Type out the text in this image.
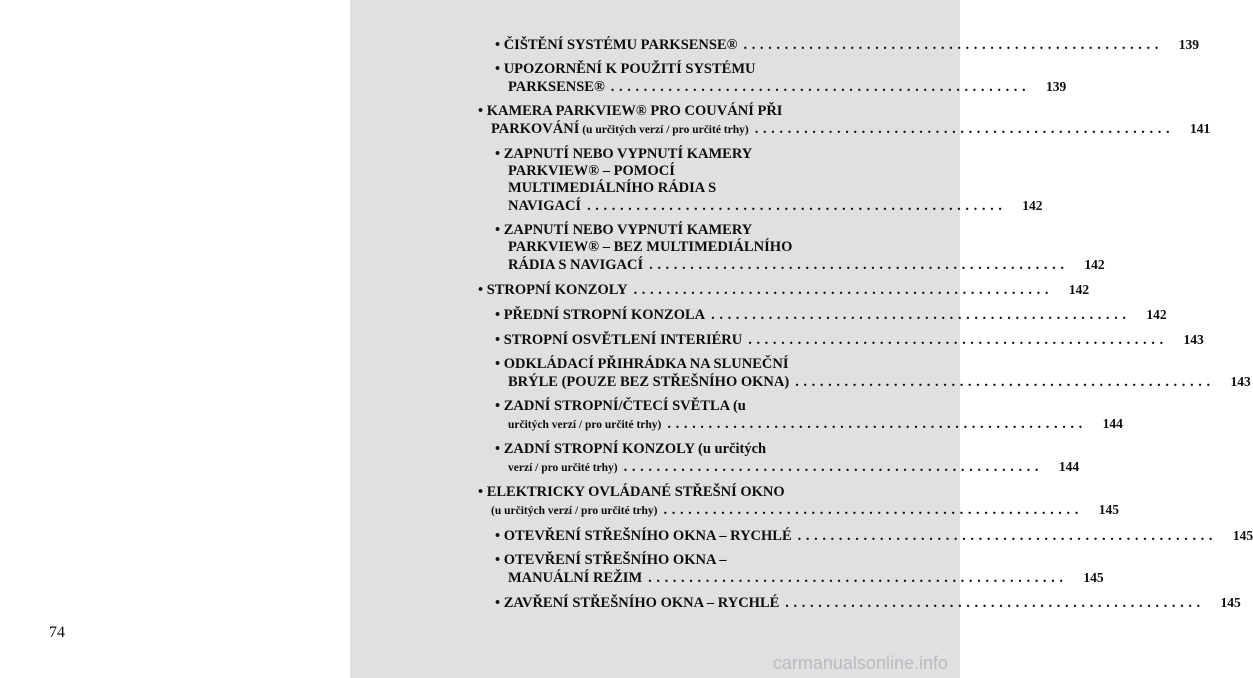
74
• ČIŠTĚNÍ SYSTÉMU PARKSENSE® ...................................................	139
• UPOZORNĚNÍ K POUŽITÍ SYSTÉMU
PARKSENSE® ...................................................	139
• KAMERA PARKVIEW® PRO COUVÁNÍ PŘI
PARKOVÁNÍ (u určitých verzí / pro určité trhy) ...................................................	141
• ZAPNUTÍ NEBO VYPNUTÍ KAMERY
PARKVIEW® – POMOCÍ
MULTIMEDIÁLNÍHO RÁDIA S
NAVIGACÍ ...................................................	142
• ZAPNUTÍ NEBO VYPNUTÍ KAMERY
PARKVIEW® – BEZ MULTIMEDIÁLNÍHO
RÁDIA S NAVIGACÍ ...................................................	142
• STROPNÍ KONZOLY ...................................................	142
• PŘEDNÍ STROPNÍ KONZOLA ...................................................	142
• STROPNÍ OSVĚTLENÍ INTERIÉRU ...................................................	143
• ODKLÁDACÍ PŘIHRÁDKA NA SLUNEČNÍ
BRÝLE (POUZE BEZ STŘEŠNÍHO OKNA) ...................................................	143
• ZADNÍ STROPNÍ/ČTECÍ SVĚTLA (u
určitých verzí / pro určité trhy) ...................................................	144
• ZADNÍ STROPNÍ KONZOLY (u určitých
verzí / pro určité trhy) ...................................................	144
• ELEKTRICKY OVLÁDANÉ STŘEŠNÍ OKNO
(u určitých verzí / pro určité trhy) ...................................................	145
• OTEVŘENÍ STŘEŠNÍHO OKNA – RYCHLÉ ...................................................	145
• OTEVŘENÍ STŘEŠNÍHO OKNA –
MANUÁLNÍ REŽIM ...................................................	145
• ZAVŘENÍ STŘEŠNÍHO OKNA – RYCHLÉ ...................................................	145
carmanualsonline.info
